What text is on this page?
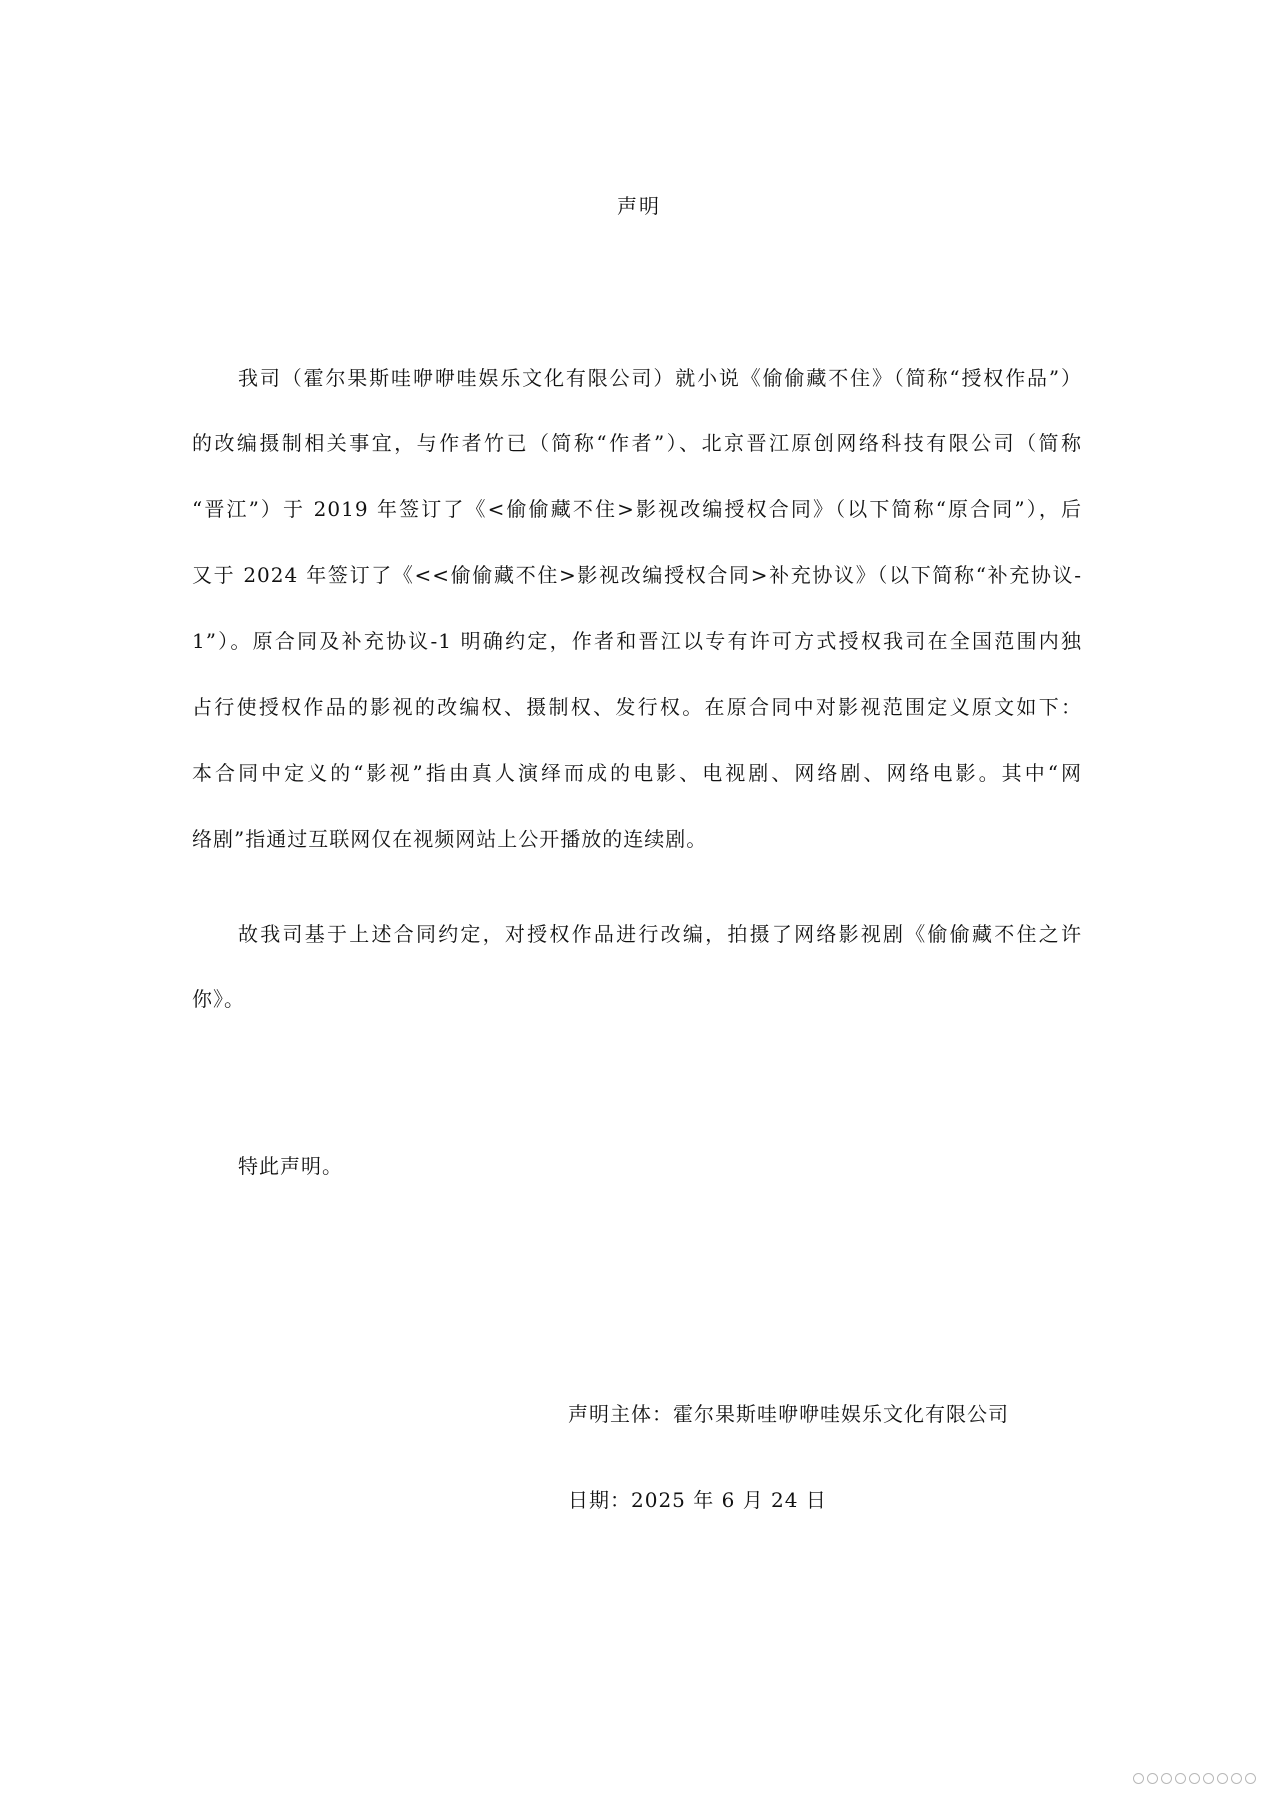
声明
我司（霍尔果斯哇咿咿哇娱乐文化有限公司）就小说《偷偷藏不住》（简称“授权作品”）
的改编摄制相关事宜，与作者竹已（简称“作者”）、北京晋江原创网络科技有限公司（简称
“晋江”）于 2019 年签订了《<偷偷藏不住>影视改编授权合同》（以下简称“原合同”），后
又于 2024 年签订了《<<偷偷藏不住>影视改编授权合同>补充协议》（以下简称“补充协议-
1”）。原合同及补充协议-1 明确约定，作者和晋江以专有许可方式授权我司在全国范围内独
占行使授权作品的影视的改编权、摄制权、发行权。在原合同中对影视范围定义原文如下：
本合同中定义的“影视”指由真人演绎而成的电影、电视剧、网络剧、网络电影。其中“网
络剧”指通过互联网仅在视频网站上公开播放的连续剧。
故我司基于上述合同约定，对授权作品进行改编，拍摄了网络影视剧《偷偷藏不住之许
你》。
特此声明。
声明主体：霍尔果斯哇咿咿哇娱乐文化有限公司
日期：2025 年 6 月 24 日
